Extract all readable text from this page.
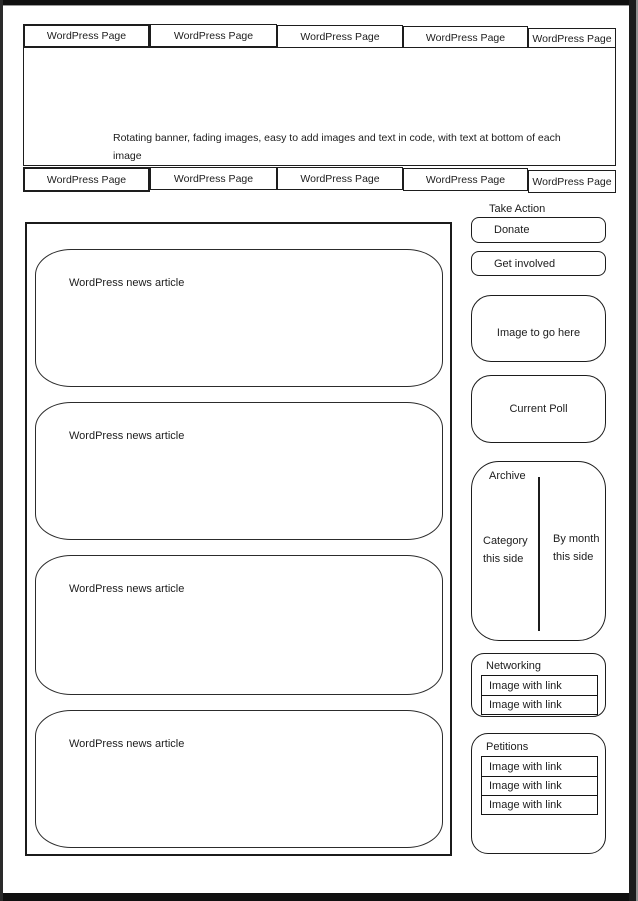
WordPress Page	WordPress Page	WordPress Page	WordPress Page	WordPress Page
Rotating banner, fading images, easy to add images and text in code, with text at bottom of each image
WordPress Page	WordPress Page	WordPress Page	WordPress Page	WordPress Page
WordPress news article
WordPress news article
WordPress news article
WordPress news article
Take Action
Donate
Get involved
Image to go here
Current Poll
Archive
Category this side
By month this side
Networking
Image with link
Image with link
Petitions
Image with link
Image with link
Image with link
